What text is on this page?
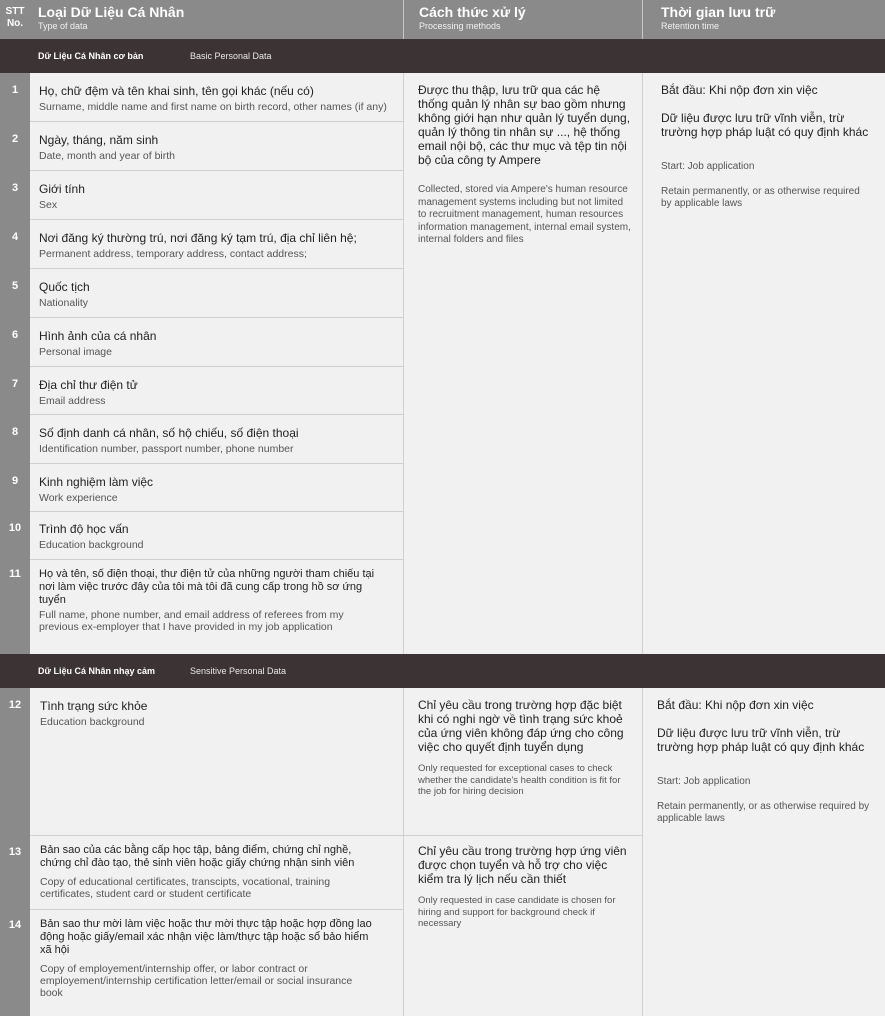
STT
No.
Loại Dữ Liệu Cá Nhân
Type of data
Cách thức xử lý
Processing methods
Thời gian lưu trữ
Retention time
Dữ Liệu Cá Nhân cơ bản	Basic Personal Data
1
2
3
4
5
6
7
8
9
10
11
Họ, chữ đệm và tên khai sinh, tên gọi khác (nếu có)
Surname, middle name and first name on birth record, other names (if any)
Ngày, tháng, năm sinh
Date, month and year of birth
Giới tính
Sex
Nơi đăng ký thường trú, nơi đăng ký tạm trú, địa chỉ liên hệ;
Permanent address, temporary address, contact address;
Quốc tịch
Nationality
Hình ảnh của cá nhân
Personal image
Địa chỉ thư điện tử
Email address
Số định danh cá nhân, số hộ chiếu, số điện thoại
Identification number, passport number, phone number
Kinh nghiệm làm việc
Work experience
Trình độ học vấn
Education background
Họ và tên, số điện thoại, thư điện tử của những người tham chiếu tại nơi làm việc trước đây của tôi mà tôi đã cung cấp trong hồ sơ ứng tuyển
Full name, phone number, and email address of referees from my previous ex-employer that I have provided in my job application
Được thu thập, lưu trữ qua các hệ thống quản lý nhân sự bao gồm nhưng không giới hạn như quản lý tuyển dụng, quản lý thông tin nhân sự ..., hệ thống email nội bộ, các thư mục và tệp tin nội bộ của công ty Ampere
Collected, stored via Ampere's human resource management systems including but not limited to recruitment management, human resources information management, internal email system, internal folders and files
Bắt đầu: Khi nộp đơn xin việc
Dữ liệu được lưu trữ vĩnh viễn, trừ trường hợp pháp luật có quy định khác
Start: Job application
Retain permanently, or as otherwise required by applicable laws
Dữ Liệu Cá Nhân nhạy cảm	Sensitive Personal Data
12
13
14
Tình trạng sức khỏe
Education background
Bản sao của các bằng cấp học tập, bảng điểm, chứng chỉ nghề, chứng chỉ đào tạo, thẻ sinh viên hoặc giấy chứng nhận sinh viên
Copy of educational certificates, transcipts, vocational, training certificates, student card or student certificate
Bản sao thư mời làm việc hoặc thư mời thực tập hoặc hợp đồng lao động hoặc giấy/email xác nhận việc làm/thực tập hoặc sổ bảo hiểm xã hội
Copy of employement/internship offer, or labor contract or employement/internship certification letter/email or social insurance book
Chỉ yêu cầu trong trường hợp đặc biệt khi có nghi ngờ về tình trạng sức khoẻ của ứng viên không đáp ứng cho công việc cho quyết định tuyển dụng
Only requested for exceptional cases to check whether the candidate's health condition is fit for the job for hiring decision
Chỉ yêu cầu trong trường hợp ứng viên được chọn tuyển và hỗ trợ cho việc kiểm tra lý lịch nếu cần thiết
Only requested in case candidate is chosen for hiring and support for background check if necessary
Bắt đầu: Khi nộp đơn xin việc
Dữ liệu được lưu trữ vĩnh viễn, trừ trường hợp pháp luật có quy định khác
Start: Job application
Retain permanently, or as otherwise required by applicable laws
